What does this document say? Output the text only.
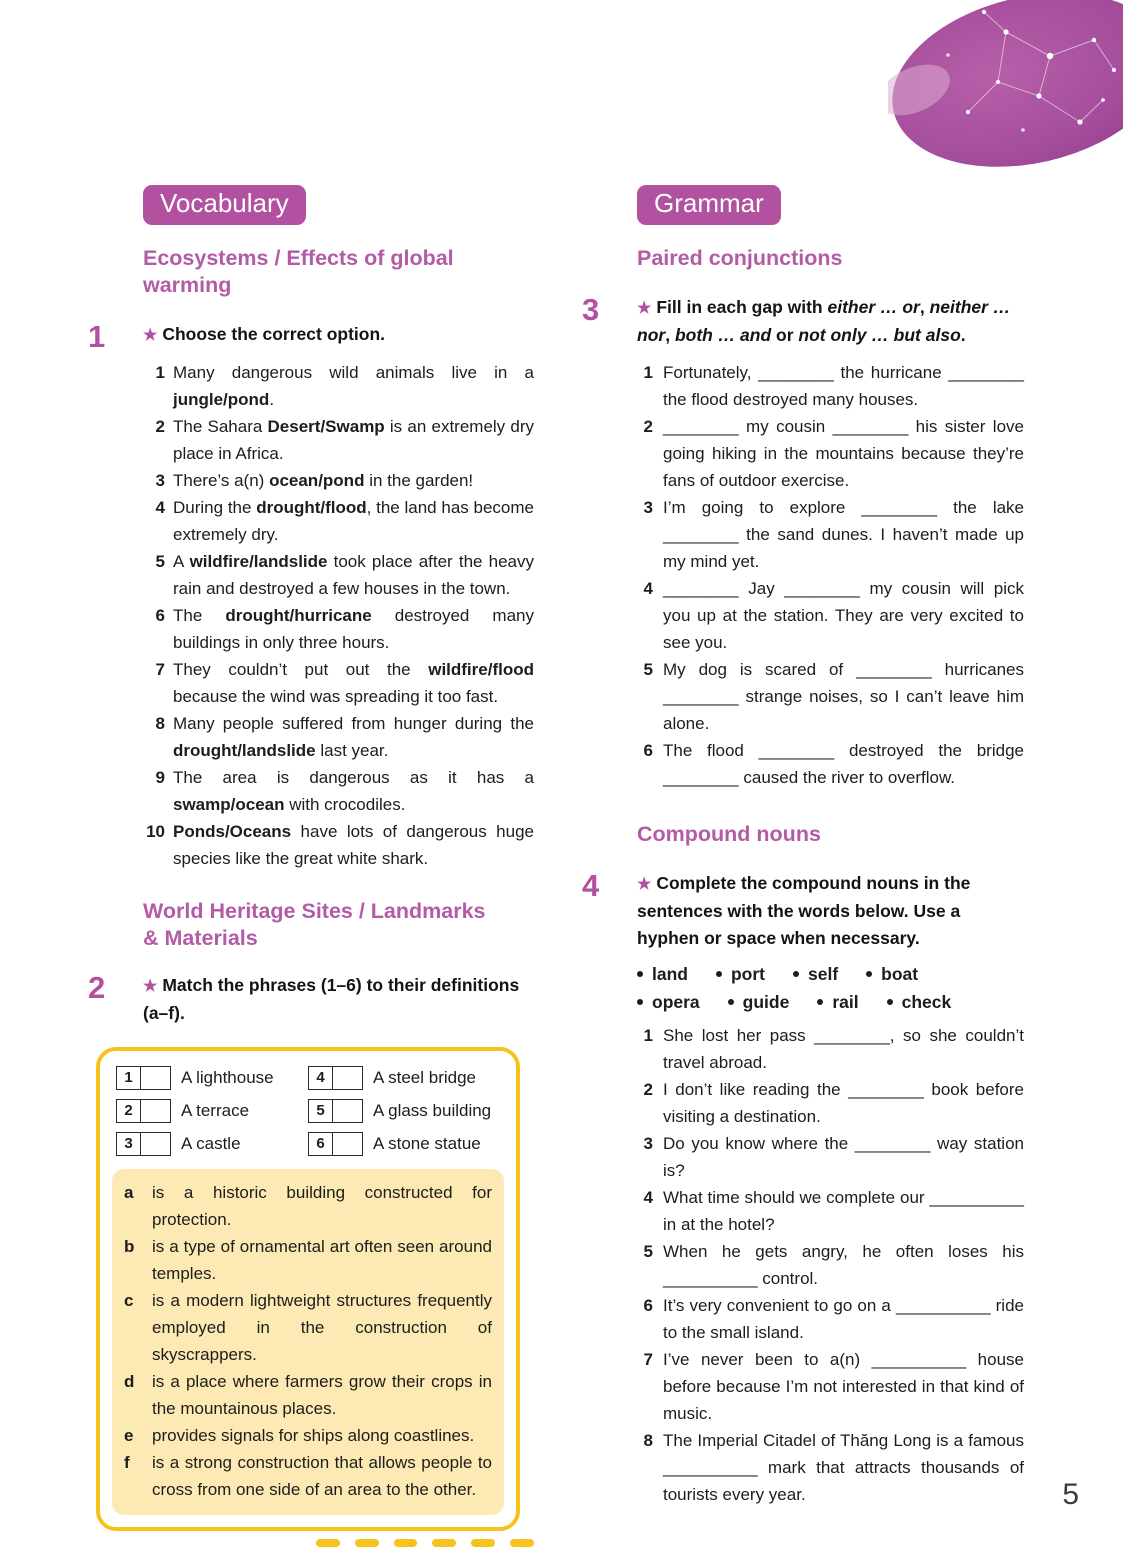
Vocabulary
Ecosystems / Effects of global warming
1	★ Choose the correct option.

1 Many dangerous wild animals live in a jungle/pond.
2 The Sahara Desert/Swamp is an extremely dry place in Africa.
3 There’s a(n) ocean/pond in the garden!
4 During the drought/flood, the land has become extremely dry.
5 A wildfire/landslide took place after the heavy rain and destroyed a few houses in the town.
6 The drought/hurricane destroyed many buildings in only three hours.
7 They couldn’t put out the wildfire/flood because the wind was spreading it too fast.
8 Many people suffered from hunger during the drought/landslide last year.
9 The area is dangerous as it has a swamp/ocean with crocodiles.
10 Ponds/Oceans have lots of dangerous huge species like the great white shark.
World Heritage Sites / Landmarks & Materials
2	★ Match the phrases (1–6) to their definitions (a–f).

1	A lighthouse
2	A terrace
3	A castle
4	A steel bridge
5	A glass building
6	A stone statue
a	is a historic building constructed for protection.
b	is a type of ornamental art often seen around temples.
c	is a modern lightweight structures frequently employed in the construction of skyscrappers.
d	is a place where farmers grow their crops in the mountainous places.
e	provides signals for ships along coastlines.
f	is a strong construction that allows people to cross from one side of an area to the other.
Grammar
Paired conjunctions
3	★ Fill in each gap with either … or, neither … nor, both … and or not only … but also.

1 Fortunately, ________ the hurricane ________ the flood destroyed many houses.
2 ________ my cousin ________ his sister love going hiking in the mountains because they’re fans of outdoor exercise.
3 I’m going to explore ________ the lake ________ the sand dunes. I haven’t made up my mind yet.
4 ________ Jay ________ my cousin will pick you up at the station. They are very excited to see you.
5 My dog is scared of ________ hurricanes ________ strange noises, so I can’t leave him alone.
6 The flood ________ destroyed the bridge ________ caused the river to overflow.
Compound nouns
4	★ Complete the compound nouns in the sentences with the words below. Use a hyphen or space when necessary.

land port self boat
opera guide rail check
1 She lost her pass ________, so she couldn’t travel abroad.
2 I don’t like reading the ________ book before visiting a destination.
3 Do you know where the ________ way station is?
4 What time should we complete our __________ in at the hotel?
5 When he gets angry, he often loses his __________ control.
6 It’s very convenient to go on a __________ ride to the small island.
7 I’ve never been to a(n) __________ house before because I’m not interested in that kind of music.
8 The Imperial Citadel of Thăng Long is a famous __________ mark that attracts thousands of tourists every year.	5
